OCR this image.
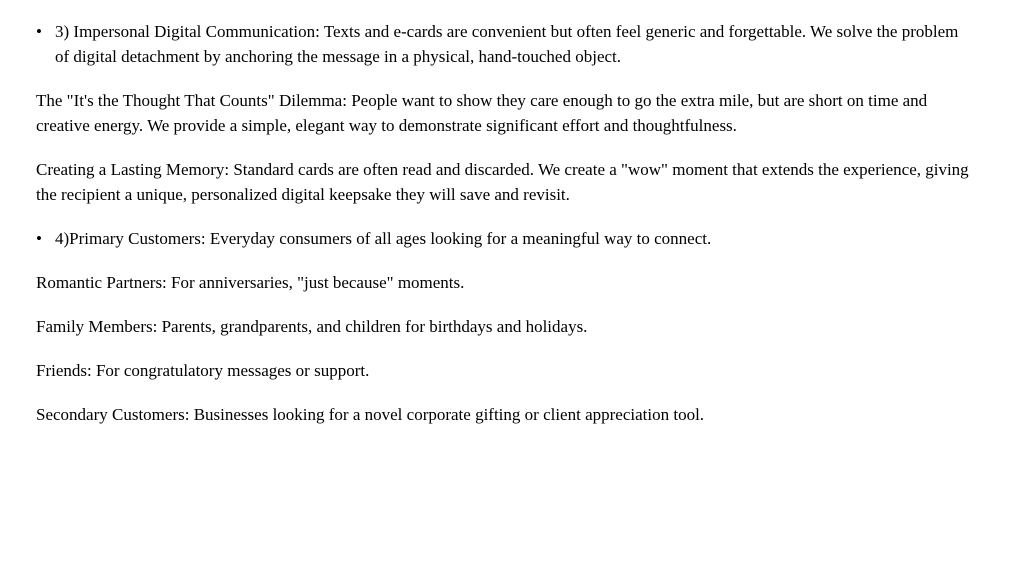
• 3) Impersonal Digital Communication: Texts and e-cards are convenient but often feel generic and forgettable. We solve the problem of digital detachment by anchoring the message in a physical, hand-touched object.

The "It's the Thought That Counts" Dilemma: People want to show they care enough to go the extra mile, but are short on time and creative energy. We provide a simple, elegant way to demonstrate significant effort and thoughtfulness.

Creating a Lasting Memory: Standard cards are often read and discarded. We create a "wow" moment that extends the experience, giving the recipient a unique, personalized digital keepsake they will save and revisit.

• 4)Primary Customers: Everyday consumers of all ages looking for a meaningful way to connect.

Romantic Partners: For anniversaries, "just because" moments.

Family Members: Parents, grandparents, and children for birthdays and holidays.

Friends: For congratulatory messages or support.

Secondary Customers: Businesses looking for a novel corporate gifting or client appreciation tool.
